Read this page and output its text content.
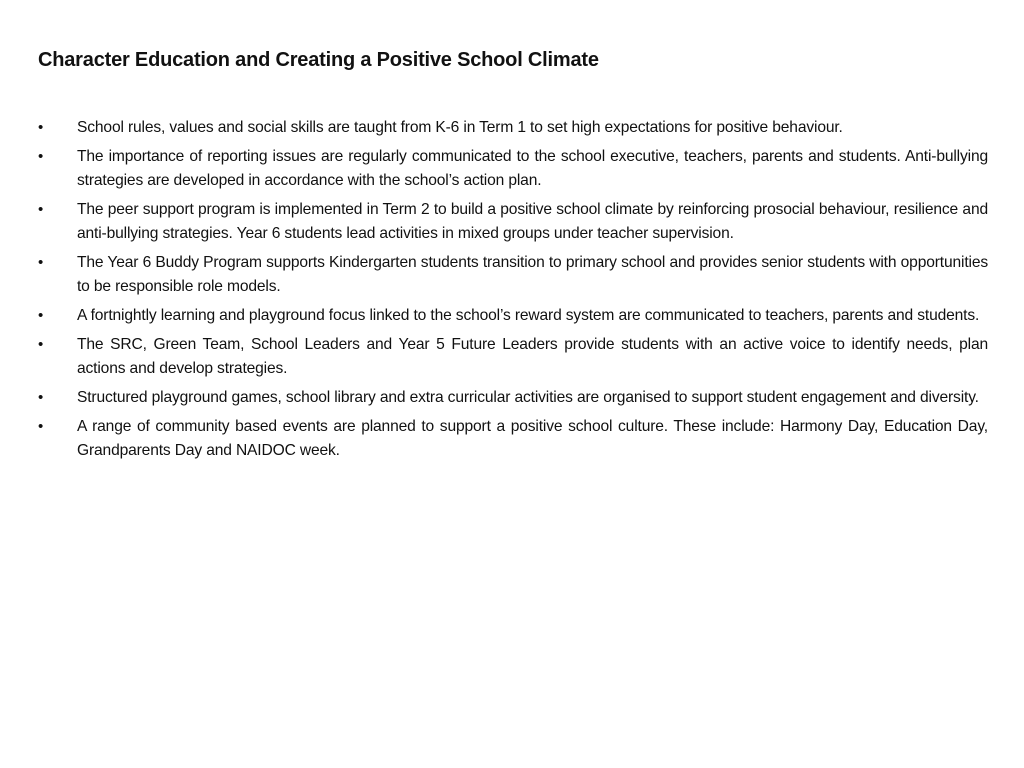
Character Education and Creating a Positive School Climate
•	School rules, values and social skills are taught from K-6 in Term 1 to set high expectations for positive behaviour.
•	The importance of reporting issues are regularly communicated to the school executive, teachers, parents and students. Anti-bullying strategies are developed in accordance with the school’s action plan.
•	The peer support program is implemented in Term 2 to build a positive school climate by reinforcing prosocial behaviour, resilience and anti-bullying strategies. Year 6 students lead activities in mixed groups under teacher supervision.
•	The Year 6 Buddy Program supports Kindergarten students transition to primary school and provides senior students with opportunities to be responsible role models.
•	A fortnightly learning and playground focus linked to the school’s reward system are communicated to teachers, parents and students.
•	The SRC, Green Team, School Leaders and Year 5 Future Leaders provide students with an active voice to identify needs, plan actions and develop strategies.
•	Structured playground games, school library and extra curricular activities are organised to support student engagement and diversity.
•	A range of community based events are planned to support a positive school culture. These include: Harmony Day, Education Day, Grandparents Day and NAIDOC week.
